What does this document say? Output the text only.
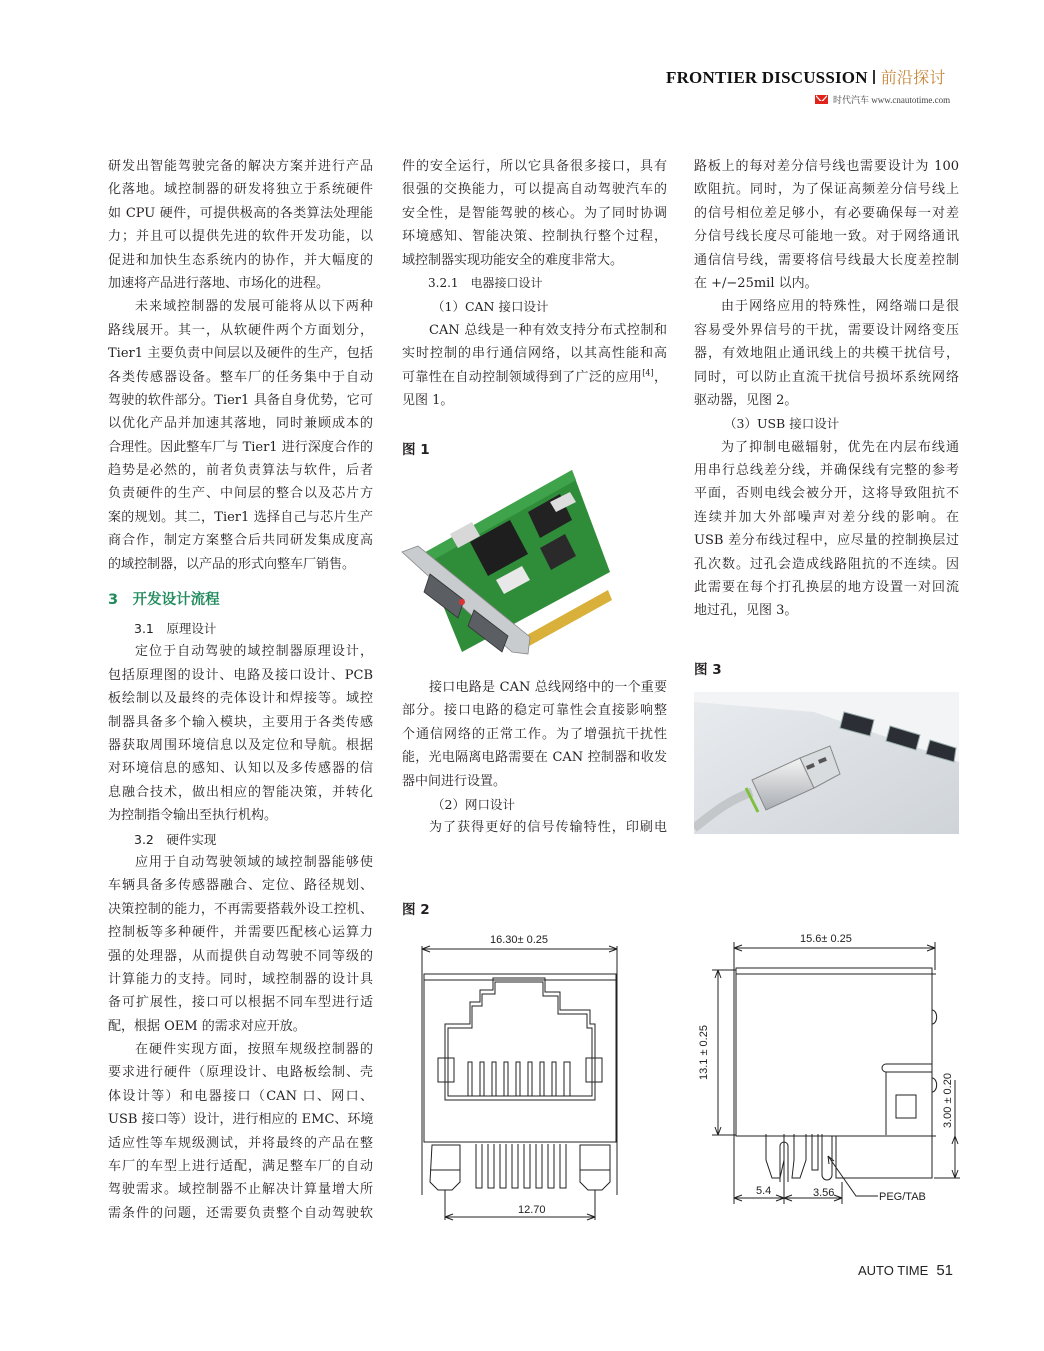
FRONTIER DISCUSSION 前沿探讨
时代汽车 www.cnautotime.com
研发出智能驾驶完备的解决方案并进行产品
化落地。域控制器的研发将独立于系统硬件
如 CPU 硬件，可提供极高的各类算法处理能
力；并且可以提供先进的软件开发功能，以
促进和加快生态系统内的协作，并大幅度的
加速将产品进行落地、市场化的进程。
未来域控制器的发展可能将从以下两种
路线展开。其一，从软硬件两个方面划分，
Tier1 主要负责中间层以及硬件的生产，包括
各类传感器设备。整车厂的任务集中于自动
驾驶的软件部分。Tier1 具备自身优势，它可
以优化产品并加速其落地，同时兼顾成本的
合理性。因此整车厂与 Tier1 进行深度合作的
趋势是必然的，前者负责算法与软件，后者
负责硬件的生产、中间层的整合以及芯片方
案的规划。其二，Tier1 选择自己与芯片生产
商合作，制定方案整合后共同研发集成度高
的域控制器，以产品的形式向整车厂销售。
3　开发设计流程
3.1　原理设计
定位于自动驾驶的域控制器原理设计，
包括原理图的设计、电路及接口设计、PCB
板绘制以及最终的壳体设计和焊接等。域控
制器具备多个输入模块，主要用于各类传感
器获取周围环境信息以及定位和导航。根据
对环境信息的感知、认知以及多传感器的信
息融合技术，做出相应的智能决策，并转化
为控制指令输出至执行机构。
3.2　硬件实现
应用于自动驾驶领域的域控制器能够使
车辆具备多传感器融合、定位、路径规划、
决策控制的能力，不再需要搭载外设工控机、
控制板等多种硬件，并需要匹配核心运算力
强的处理器，从而提供自动驾驶不同等级的
计算能力的支持。同时，域控制器的设计具
备可扩展性，接口可以根据不同车型进行适
配，根据 OEM 的需求对应开放。
在硬件实现方面，按照车规级控制器的
要求进行硬件（原理设计、电路板绘制、壳
体设计等）和电器接口（CAN 口、网口、
USB 接口等）设计，进行相应的 EMC、环境
适应性等车规级测试，并将最终的产品在整
车厂的车型上进行适配，满足整车厂的自动
驾驶需求。域控制器不止解决计算量增大所
需条件的问题，还需要负责整个自动驾驶软
件的安全运行，所以它具备很多接口，具有
很强的交换能力，可以提高自动驾驶汽车的
安全性，是智能驾驶的核心。为了同时协调
环境感知、智能决策、控制执行整个过程，
域控制器实现功能安全的难度非常大。
3.2.1　电器接口设计
（1）CAN 接口设计
CAN 总线是一种有效支持分布式控制和
实时控制的串行通信网络，以其高性能和高
可靠性在自动控制领域得到了广泛的应用[4]，
见图 1。
图 1
接口电路是 CAN 总线网络中的一个重要
部分。接口电路的稳定可靠性会直接影响整
个通信网络的正常工作。为了增强抗干扰性
能，光电隔离电路需要在 CAN 控制器和收发
器中间进行设置。
（2）网口设计
为了获得更好的信号传输特性，印刷电
图 2
路板上的每对差分信号线也需要设计为 100
欧阻抗。同时，为了保证高频差分信号线上
的信号相位差足够小，有必要确保每一对差
分信号线长度尽可能地一致。对于网络通讯
通信信号线，需要将信号线最大长度差控制
在 +/−25mil 以内。
由于网络应用的特殊性，网络端口是很
容易受外界信号的干扰，需要设计网络变压
器，有效地阻止通讯线上的共模干扰信号，
同时，可以防止直流干扰信号损坏系统网络
驱动器，见图 2。
（3）USB 接口设计
为了抑制电磁辐射，优先在内层布线通
用串行总线差分线，并确保线有完整的参考
平面，否则电线会被分开，这将导致阻抗不
连续并加大外部噪声对差分线的影响。在
USB 差分布线过程中，应尽量的控制换层过
孔次数。过孔会造成线路阻抗的不连续。因
此需要在每个打孔换层的地方设置一对回流
地过孔，见图 3。
图 3
16.30± 0.25
12.70
15.6± 0.25
13.1 ± 0.25
3.00 ± 0.20
5.4	3.56	PEG/TAB
AUTO TIME 51
